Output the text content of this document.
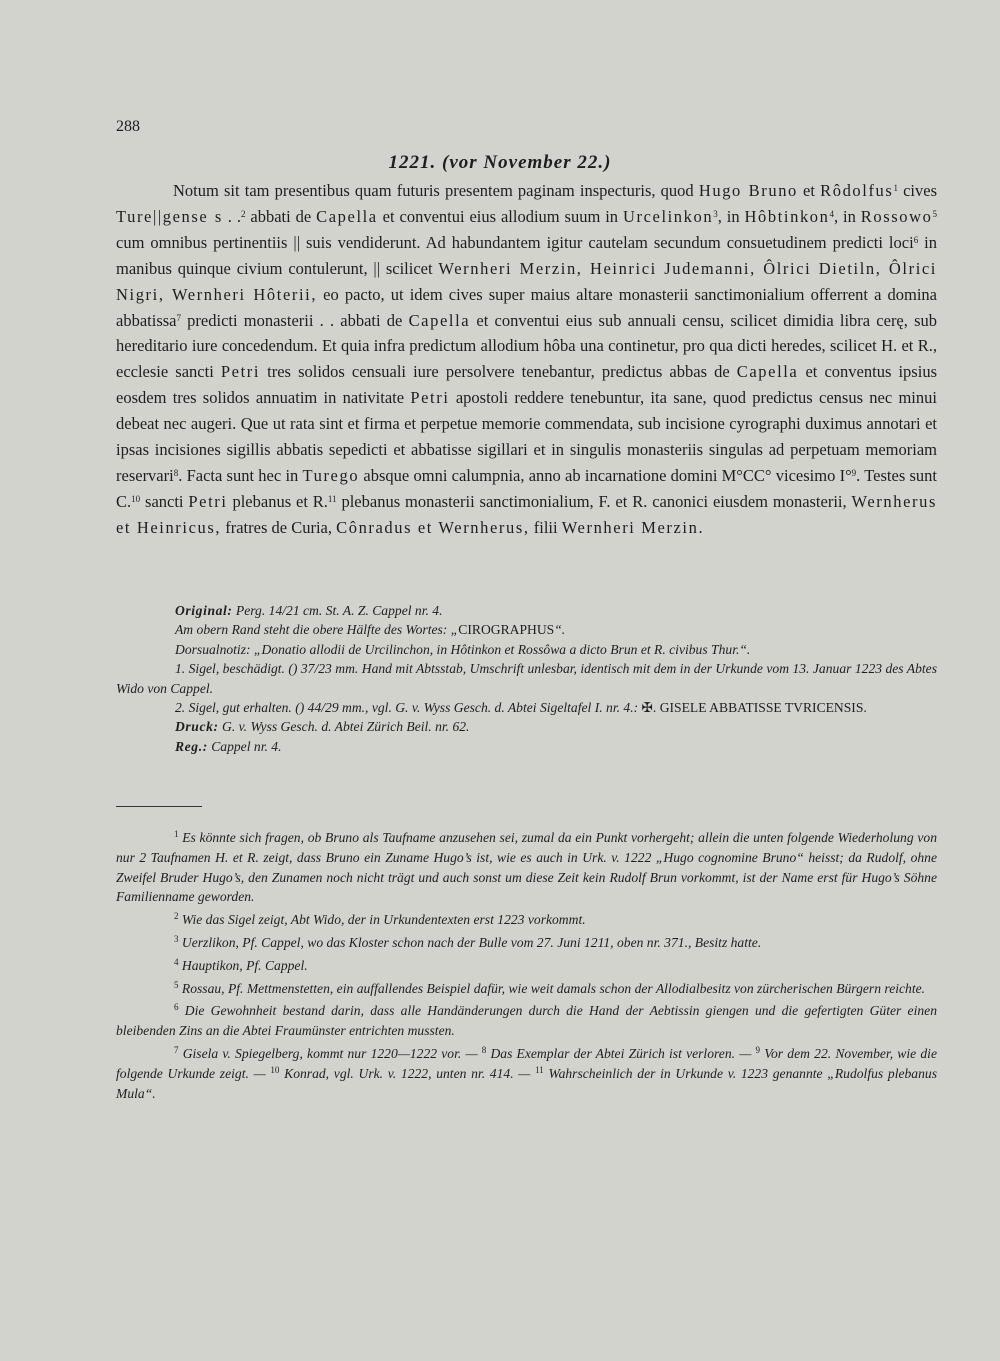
288
1221. (vor November 22.)

Notum sit tam presentibus quam futuris presentem paginam inspecturis, quod Hugo Bruno et Rôdolfus$^1$ cives Ture||gense s . .$^2$ abbati de Capella et conventui eius allodium suum in Urcelinkon$^3$, in Hôbtinkon$^4$, in Rossowo$^5$ cum omnibus pertinentiis || suis vendiderunt. Ad habundantem igitur cautelam secundum consuetudinem predicti loci$^6$ in manibus quinque civium contulerunt, || scilicet Wernheri Merzin, Heinrici Judemanni, Ôlrici Dietiln, Ôlrici Nigri, Wernheri Hôterii, eo pacto, ut idem cives super maius altare monasterii sanctimonialium offerrent a domina abbatissa$^7$ predicti monasterii . . abbati de Capella et conventui eius sub annuali censu, scilicet dimidia libra cerę, sub hereditario iure concedendum. Et quia infra predictum allodium hôba una continetur, pro qua dicti heredes, scilicet H. et R., ecclesie sancti Petri tres solidos censuali iure persolvere tenebantur, predictus abbas de Capella et conventus ipsius eosdem tres solidos annuatim in nativitate Petri apostoli reddere tenebuntur, ita sane, quod predictus census nec minui debeat nec augeri. Que ut rata sint et firma et perpetue memorie commendata, sub incisione cyrographi duximus annotari et ipsas incisiones sigillis abbatis sepedicti et abbatisse sigillari et in singulis monasteriis singulas ad perpetuam memoriam reservari$^8$. Facta sunt hec in Turego absque omni calumpnia, anno ab incarnatione domini M°CC° vicesimo I°$^9$. Testes sunt C.$^{10}$ sancti Petri plebanus et R.$^{11}$ plebanus monasterii sanctimonialium, F. et R. canonici eiusdem monasterii, Wernherus et Heinricus, fratres de Curia, Cônradus et Wernherus, filii Wernheri Merzin.

Original: Perg. 14/21 cm. St. A. Z. Cappel nr. 4.

Am obern Rand steht die obere Hälfte des Wortes: „CIROGRAPHUS“.

Dorsualnotiz: „Donatio allodii de Urcilinchon, in Hôtinkon et Rossôwa a dicto Brun et R. civibus Thur.“.

1. Sigel, beschädigt. () 37/23 mm. Hand mit Abtsstab, Umschrift unlesbar, identisch mit dem in der Urkunde vom 13. Januar 1223 des Abtes Wido von Cappel.

2. Sigel, gut erhalten. () 44/29 mm., vgl. G. v. Wyss Gesch. d. Abtei Sigeltafel I. nr. 4.: ✠. GISELE ABBATISSE TVRICENSIS.

Druck: G. v. Wyss Gesch. d. Abtei Zürich Beil. nr. 62.

Reg.: Cappel nr. 4.

$^1$ Es könnte sich fragen, ob Bruno als Taufname anzusehen sei, zumal da ein Punkt vorhergeht; allein die unten folgende Wiederholung von nur 2 Taufnamen H. et R. zeigt, dass Bruno ein Zuname Hugo’s ist, wie es auch in Urk. v. 1222 „Hugo cognomine Bruno“ heisst; da Rudolf, ohne Zweifel Bruder Hugo’s, den Zunamen noch nicht trägt und auch sonst um diese Zeit kein Rudolf Brun vorkommt, ist der Name erst für Hugo’s Söhne Familienname geworden.

$^2$ Wie das Sigel zeigt, Abt Wido, der in Urkundentexten erst 1223 vorkommt.

$^3$ Uerzlikon, Pf. Cappel, wo das Kloster schon nach der Bulle vom 27. Juni 1211, oben nr. 371., Besitz hatte.

$^4$ Hauptikon, Pf. Cappel.

$^5$ Rossau, Pf. Mettmenstetten, ein auffallendes Beispiel dafür, wie weit damals schon der Allodialbesitz von zürcherischen Bürgern reichte.

$^6$ Die Gewohnheit bestand darin, dass alle Handänderungen durch die Hand der Aebtissin giengen und die gefertigten Güter einen bleibenden Zins an die Abtei Fraumünster entrichten mussten.

$^7$ Gisela v. Spiegelberg, kommt nur 1220—1222 vor. — $^8$ Das Exemplar der Abtei Zürich ist verloren. — $^9$ Vor dem 22. November, wie die folgende Urkunde zeigt. — $^{10}$ Konrad, vgl. Urk. v. 1222, unten nr. 414. — $^{11}$ Wahrscheinlich der in Urkunde v. 1223 genannte „Rudolfus plebanus Mula“.
